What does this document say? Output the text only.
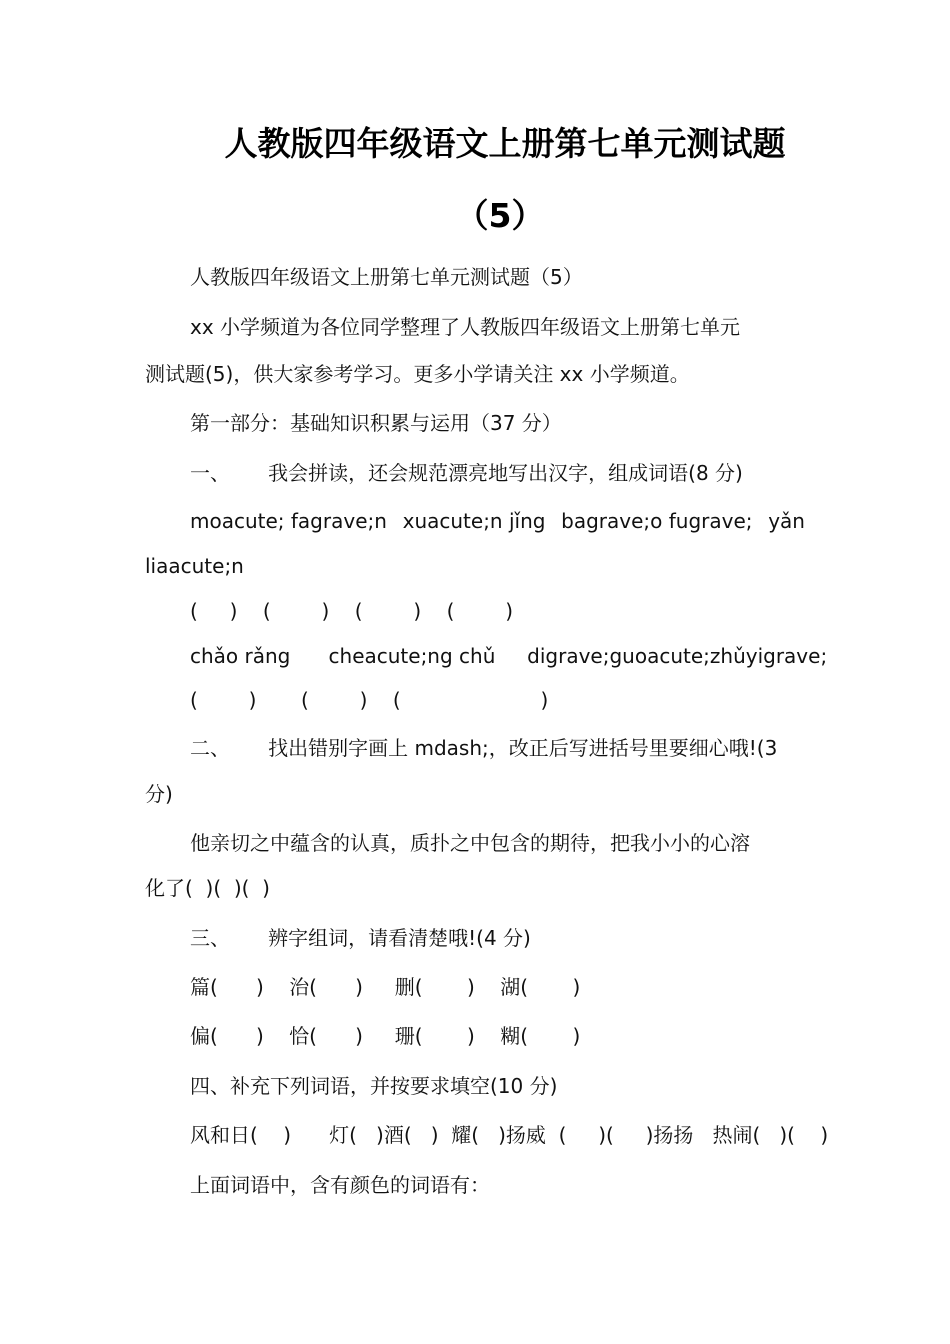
人教版四年级语文上册第七单元测试题
（5）
人教版四年级语文上册第七单元测试题（5）
xx 小学频道为各位同学整理了人教版四年级语文上册第七单元
测试题(5)，供大家参考学习。更多小学请关注 xx 小学频道。
第一部分：基础知识积累与运用（37 分）
一、      我会拼读，还会规范漂亮地写出汉字，组成词语(8 分)
moacute; fagrave;n xuacute;n jǐng bagrave;o fugrave; yǎn
liaacute;n
(     )    (        )    (        )    (        )
chǎo rǎng      cheacute;ng chǔ     digrave;guoacute;zhǔyigrave;
(        )       (        )    (                      )
二、      找出错别字画上 mdash;，改正后写进括号里要细心哦!(3
分)
他亲切之中蕴含的认真，质扑之中包含的期待，把我小小的心溶
化了(  )(  )(  )
三、      辨字组词，请看清楚哦!(4 分)
篇(      )    治(      )     删(       )    湖(       )
偏(      )    恰(      )     珊(       )    糊(       )
四、补充下列词语，并按要求填空(10 分)
风和日(    )      灯(   )酒(   )  耀(   )扬威  (     )(     )扬扬   热闹(   )(    )
上面词语中，含有颜色的词语有：
